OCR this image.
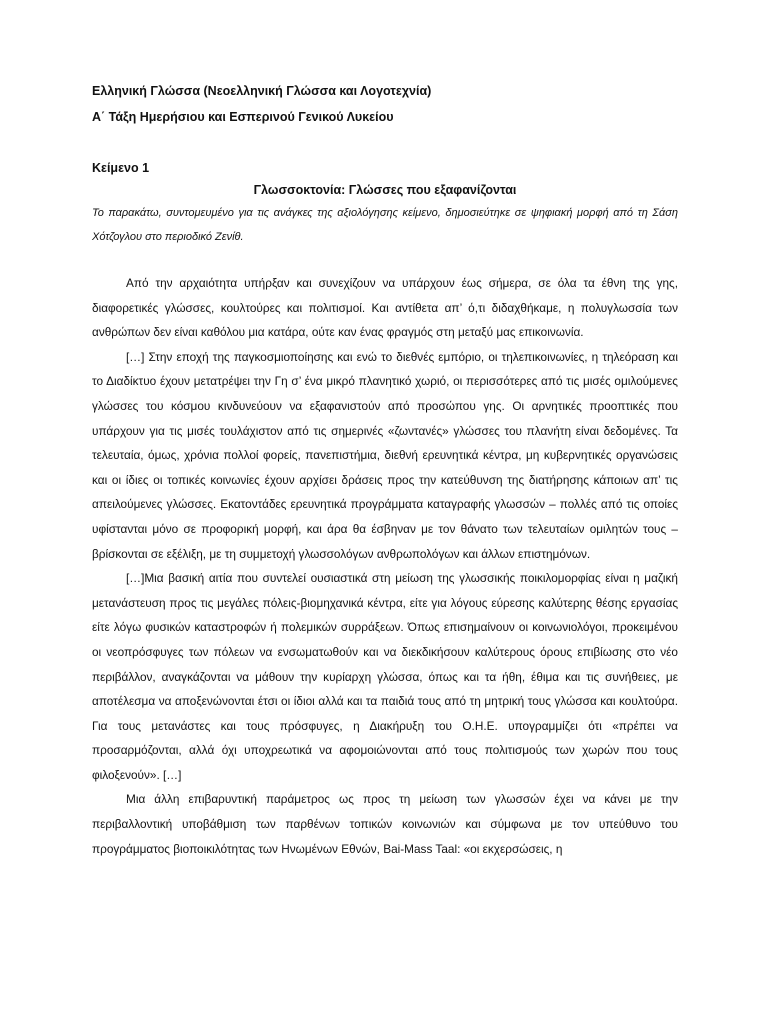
Ελληνική Γλώσσα (Νεοελληνική Γλώσσα και Λογοτεχνία)

Α΄ Τάξη Ημερήσιου και Εσπερινού Γενικού Λυκείου

Κείμενο 1

Γλωσσοκτονία: Γλώσσες που εξαφανίζονται

Το παρακάτω, συντομευμένο για τις ανάγκες της αξιολόγησης κείμενο, δημοσιεύτηκε σε ψηφιακή μορφή από τη Σάση Χότζογλου στο περιοδικό Ζενίθ.

Από την αρχαιότητα υπήρξαν και συνεχίζουν να υπάρχουν έως σήμερα, σε όλα τα έθνη της γης, διαφορετικές γλώσσες, κουλτούρες και πολιτισμοί. Και αντίθετα απ’ ό,τι διδαχθήκαμε, η πολυγλωσσία των ανθρώπων δεν είναι καθόλου μια κατάρα, ούτε καν ένας φραγμός στη μεταξύ μας επικοινωνία.

[…] Στην εποχή της παγκοσμιοποίησης και ενώ το διεθνές εμπόριο, οι τηλεπικοινωνίες, η τηλεόραση και το Διαδίκτυο έχουν μετατρέψει την Γη σ’ ένα μικρό πλανητικό χωριό, οι περισσότερες από τις μισές ομιλούμενες γλώσσες του κόσμου κινδυνεύουν να εξαφανιστούν από προσώπου γης. Οι αρνητικές προοπτικές που υπάρχουν για τις μισές τουλάχιστον από τις σημερινές «ζωντανές» γλώσσες του πλανήτη είναι δεδομένες. Τα τελευταία, όμως, χρόνια πολλοί φορείς, πανεπιστήμια, διεθνή ερευνητικά κέντρα, μη κυβερνητικές οργανώσεις και οι ίδιες οι τοπικές κοινωνίες έχουν αρχίσει δράσεις προς την κατεύθυνση της διατήρησης κάποιων απ’ τις απειλούμενες γλώσσες. Εκατοντάδες ερευνητικά προγράμματα καταγραφής γλωσσών – πολλές από τις οποίες υφίστανται μόνο σε προφορική μορφή, και άρα θα έσβηναν με τον θάνατο των τελευταίων ομιλητών τους – βρίσκονται σε εξέλιξη, με τη συμμετοχή γλωσσολόγων ανθρωπολόγων και άλλων επιστημόνων.

[…]Μια βασική αιτία που συντελεί ουσιαστικά στη μείωση της γλωσσικής ποικιλομορφίας είναι η μαζική μετανάστευση προς τις μεγάλες πόλεις-βιομηχανικά κέντρα, είτε για λόγους εύρεσης καλύτερης θέσης εργασίας είτε λόγω φυσικών καταστροφών ή πολεμικών συρράξεων. Όπως επισημαίνουν οι κοινωνιολόγοι, προκειμένου οι νεοπρόσφυγες των πόλεων να ενσωματωθούν και να διεκδικήσουν καλύτερους όρους επιβίωσης στο νέο περιβάλλον, αναγκάζονται να μάθουν την κυρίαρχη γλώσσα, όπως και τα ήθη, έθιμα και τις συνήθειες, με αποτέλεσμα να αποξενώνονται έτσι οι ίδιοι αλλά και τα παιδιά τους από τη μητρική τους γλώσσα και κουλτούρα. Για τους μετανάστες και τους πρόσφυγες, η Διακήρυξη του Ο.Η.Ε. υπογραμμίζει ότι «πρέπει να προσαρμόζονται, αλλά όχι υποχρεωτικά να αφομοιώνονται από τους πολιτισμούς των χωρών που τους φιλοξενούν». […]

Μια άλλη επιβαρυντική παράμετρος ως προς τη μείωση των γλωσσών έχει να κάνει με την περιβαλλοντική υποβάθμιση των παρθένων τοπικών κοινωνιών και σύμφωνα με τον υπεύθυνο του προγράμματος βιοποικιλότητας των Ηνωμένων Εθνών, Bai-Mass Taal: «οι εκχερσώσεις, η
